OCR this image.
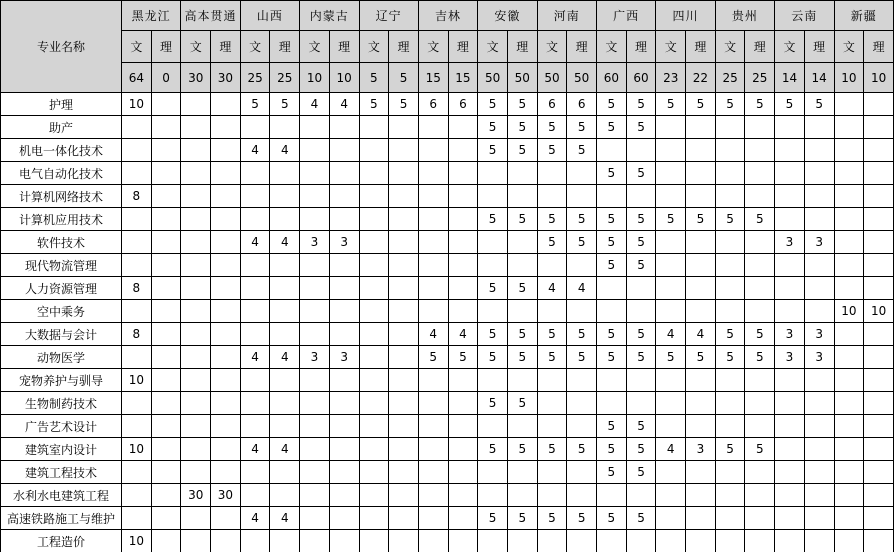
专业名称	黑龙江		高本贯通		山西		内蒙古		辽宁		吉林		安徽		河南		广西		四川		贵州		云南		新疆	
	文	理	文	理	文	理	文	理	文	理	文	理	文	理	文	理	文	理	文	理	文	理	文	理	文	理
	64	0	30	30	25	25	10	10	5	5	15	15	50	50	50	50	60	60	23	22	25	25	14	14	10	10
护理	10				5	5	4	4	5	5	6	6	5	5	6	6	5	5	5	5	5	5	5	5		
助产													5	5	5	5	5	5								
机电一体化技术					4	4							5	5	5	5										
电气自动化技术																	5	5								
计算机网络技术	8																									
计算机应用技术													5	5	5	5	5	5	5	5	5	5				
软件技术					4	4	3	3							5	5	5	5					3	3		
现代物流管理																	5	5								
人力资源管理	8												5	5	4	4										
空中乘务																									10	10
大数据与会计	8										4	4	5	5	5	5	5	5	4	4	5	5	3	3		
动物医学					4	4	3	3			5	5	5	5	5	5	5	5	5	5	5	5	3	3		
宠物养护与驯导	10																									
生物制药技术													5	5												
广告艺术设计																	5	5								
建筑室内设计	10				4	4							5	5	5	5	5	5	4	3	5	5				
建筑工程技术																	5	5								
水利水电建筑工程			30	30																						
高速铁路施工与维护					4	4							5	5	5	5	5	5								
工程造价	10																									
